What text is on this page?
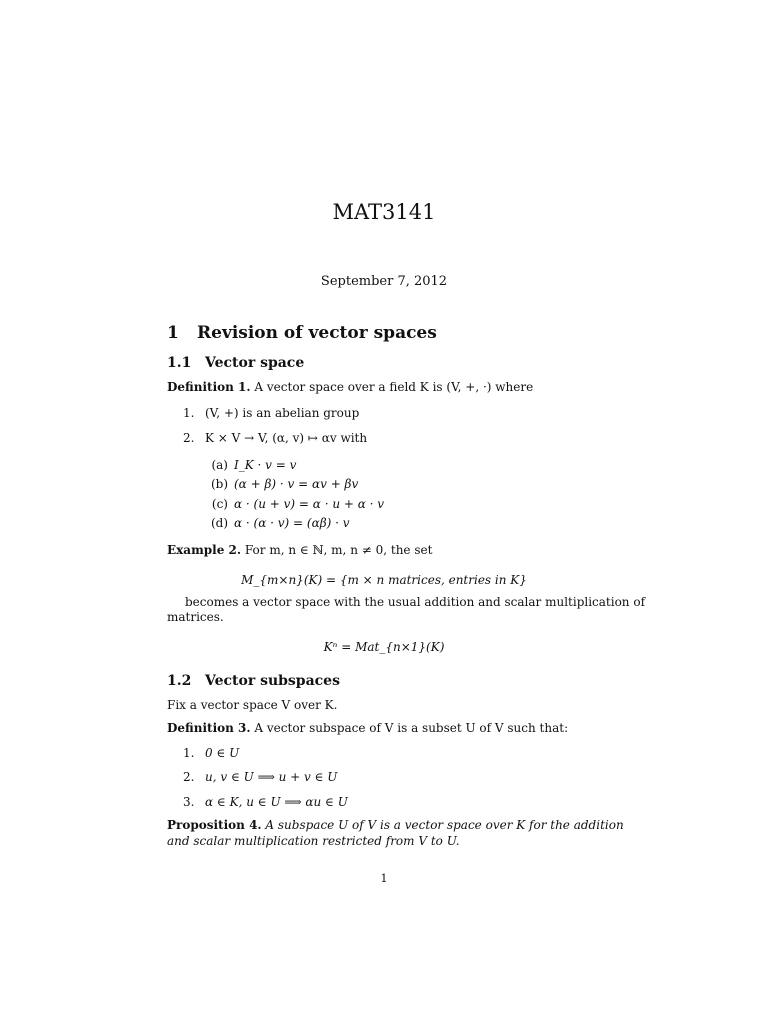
MAT3141
September 7, 2012
1 Revision of vector spaces
1.1 Vector space
Definition 1. A vector space over a field K is (V, +, ·) where
1. (V, +) is an abelian group
2. K × V → V, (α, v) ↦ αv with
(a) I_K · v = v
(b) (α + β) · v = αv + βv
(c) α · (u + v) = α · u + α · v
(d) α · (α · v) = (αβ) · v
Example 2. For m, n ∈ ℕ, m, n ≠ 0, the set
M_{m×n}(K) = {m × n matrices, entries in K}
becomes a vector space with the usual addition and scalar multiplication of
matrices.
Kⁿ = Mat_{n×1}(K)
1.2 Vector subspaces
Fix a vector space V over K.
Definition 3. A vector subspace of V is a subset U of V such that:
1. 0 ∈ U
2. u, v ∈ U ⟹ u + v ∈ U
3. α ∈ K, u ∈ U ⟹ αu ∈ U
Proposition 4. A subspace U of V is a vector space over K for the addition
and scalar multiplication restricted from V to U.
1
